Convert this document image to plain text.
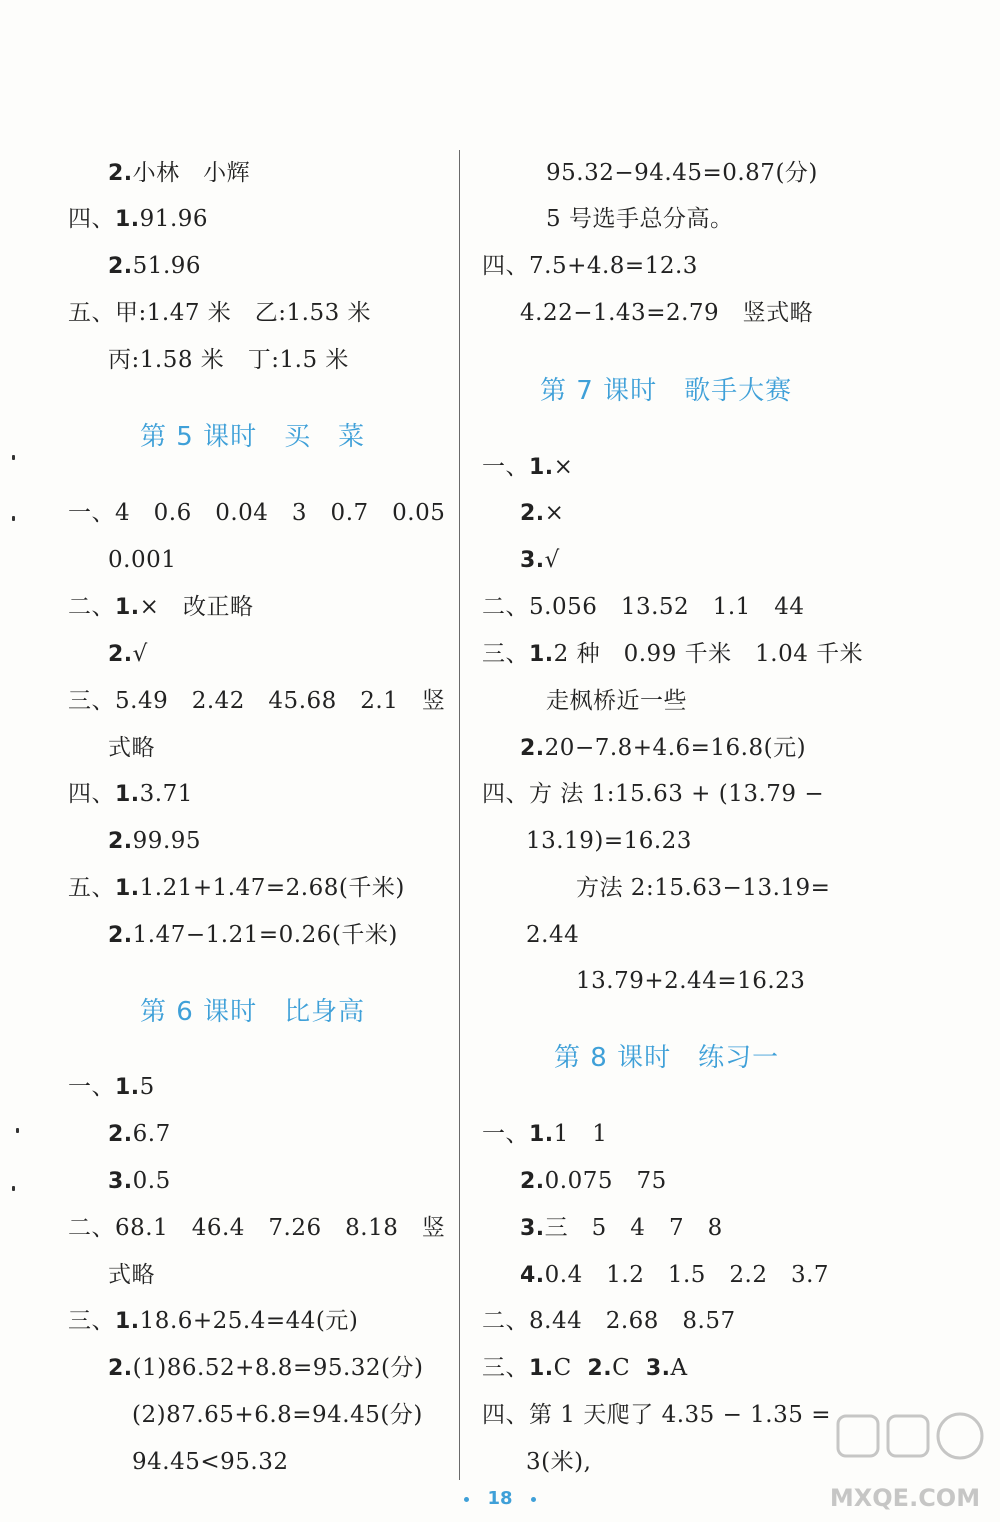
2.小林　小辉
四、1.91.96
2.51.96
五、甲:1.47 米　乙:1.53 米
丙:1.58 米　丁:1.5 米
第 5 课时　买　菜
一、4　0.6　0.04　3　0.7　0.05
0.001
二、1.×　改正略
2.√
三、5.49　2.42　45.68　2.1　竖
式略
四、1.3.71
2.99.95
五、1.1.21+1.47=2.68(千米)
2.1.47−1.21=0.26(千米)
第 6 课时　比身高
一、1.5
2.6.7
3.0.5
二、68.1　46.4　7.26　8.18　竖
式略
三、1.18.6+25.4=44(元)
2.(1)86.52+8.8=95.32(分)
(2)87.65+6.8=94.45(分)
94.45<95.32
95.32−94.45=0.87(分)
5 号选手总分高。
四、7.5+4.8=12.3
4.22−1.43=2.79　竖式略
第 7 课时　歌手大赛
一、1.×
2.×
3.√
二、5.056　13.52　1.1　44
三、1.2 种　0.99 千米　1.04 千米
走枫桥近一些
2.20−7.8+4.6=16.8(元)
四、方 法 1:15.63 + (13.79 −
13.19)=16.23
方法 2:15.63−13.19=
2.44
13.79+2.44=16.23
第 8 课时　练习一
一、1.1　1
2.0.075　75
3.三　5　4　7　8
4.0.4　1.2　1.5　2.2　3.7
二、8.44　2.68　8.57
三、1.C 2.C 3.A
四、第 1 天爬了 4.35 − 1.35 =
3(米),
18	MXQE.COM
